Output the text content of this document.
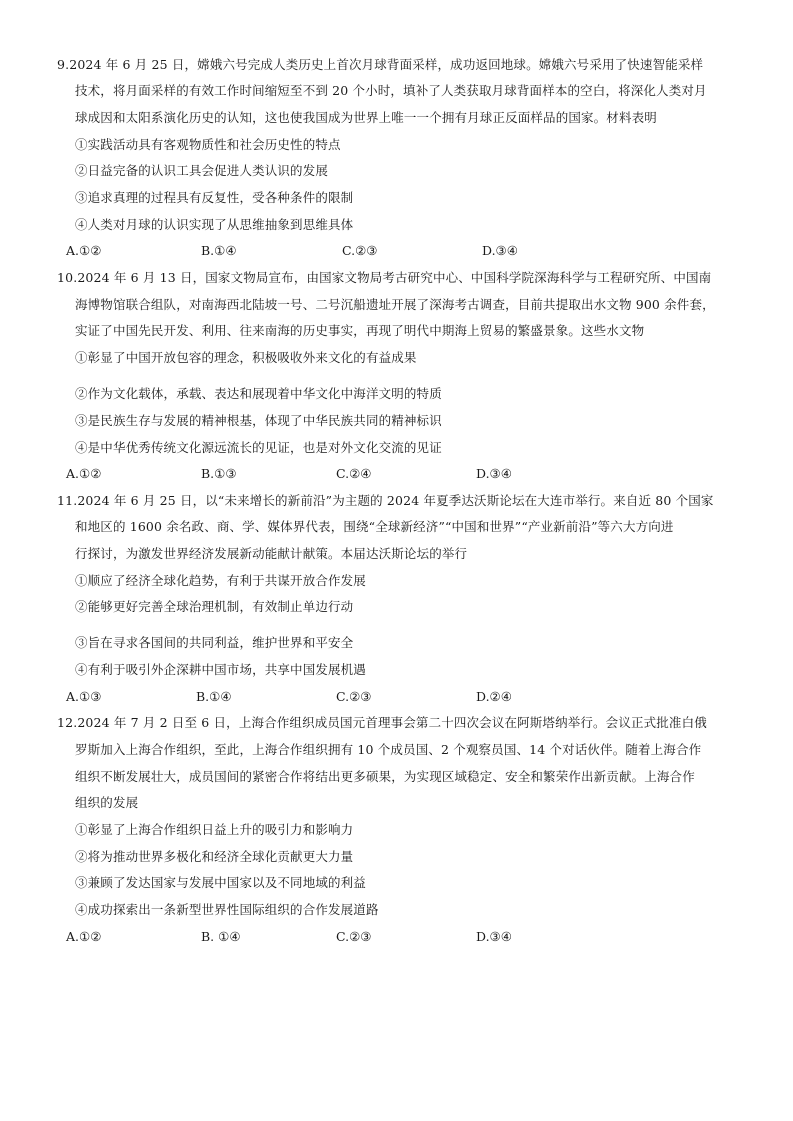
9.2024 年 6 月 25 日，嫦娥六号完成人类历史上首次月球背面采样，成功返回地球。嫦娥六号采用了快速智能采样
技术，将月面采样的有效工作时间缩短至不到 20 个小时，填补了人类获取月球背面样本的空白，将深化人类对月
球成因和太阳系演化历史的认知，这也使我国成为世界上唯一一个拥有月球正反面样品的国家。材料表明
①实践活动具有客观物质性和社会历史性的特点
②日益完备的认识工具会促进人类认识的发展
③追求真理的过程具有反复性，受各种条件的限制
④人类对月球的认识实现了从思维抽象到思维具体
A.①②	B.①④	C.②③	D.③④
10.2024 年 6 月 13 日，国家文物局宣布，由国家文物局考古研究中心、中国科学院深海科学与工程研究所、中国南
海博物馆联合组队，对南海西北陆坡一号、二号沉船遗址开展了深海考古调查，目前共提取出水文物 900 余件套，
实证了中国先民开发、利用、往来南海的历史事实，再现了明代中期海上贸易的繁盛景象。这些水文物
①彰显了中国开放包容的理念，积极吸收外来文化的有益成果
②作为文化载体，承载、表达和展现着中华文化中海洋文明的特质
③是民族生存与发展的精神根基，体现了中华民族共同的精神标识
④是中华优秀传统文化源远流长的见证，也是对外文化交流的见证
A.①②	B.①③	C.②④	D.③④
11.2024 年 6 月 25 日，以“未来增长的新前沿”为主题的 2024 年夏季达沃斯论坛在大连市举行。来自近 80 个国家
和地区的 1600 余名政、商、学、媒体界代表，围绕“全球新经济”“中国和世界”“产业新前沿”等六大方向进
行探讨，为激发世界经济发展新动能献计献策。本届达沃斯论坛的举行
①顺应了经济全球化趋势，有利于共谋开放合作发展
②能够更好完善全球治理机制，有效制止单边行动
③旨在寻求各国间的共同利益，维护世界和平安全
④有利于吸引外企深耕中国市场，共享中国发展机遇
A.①③	B.①④	C.②③	D.②④
12.2024 年 7 月 2 日至 6 日，上海合作组织成员国元首理事会第二十四次会议在阿斯塔纳举行。会议正式批准白俄
罗斯加入上海合作组织，至此，上海合作组织拥有 10 个成员国、2 个观察员国、14 个对话伙伴。随着上海合作
组织不断发展壮大，成员国间的紧密合作将结出更多硕果，为实现区域稳定、安全和繁荣作出新贡献。上海合作
组织的发展
①彰显了上海合作组织日益上升的吸引力和影响力
②将为推动世界多极化和经济全球化贡献更大力量
③兼顾了发达国家与发展中国家以及不同地域的利益
④成功探索出一条新型世界性国际组织的合作发展道路
A.①②	B. ①④	C.②③	D.③④
